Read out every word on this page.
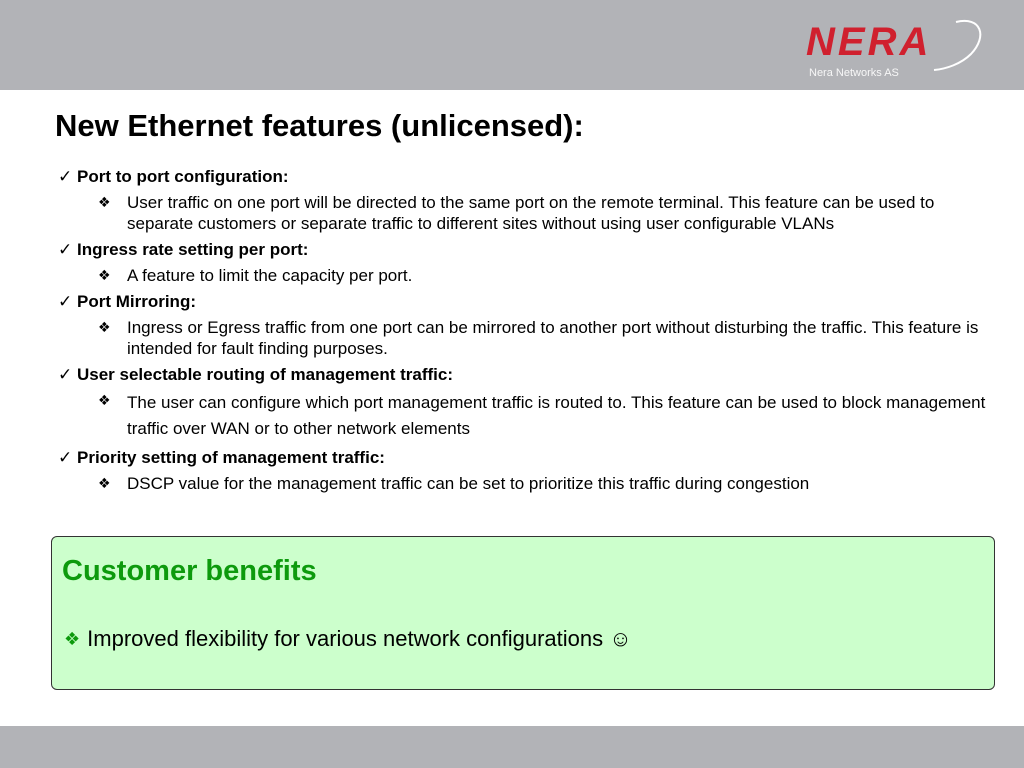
NERA
Nera Networks AS
New Ethernet features (unlicensed):
✓ Port to port configuration:
❖ User traffic on one port will be directed to the same port on the remote terminal. This feature can be used to separate customers or separate traffic to different sites without using user configurable VLANs
✓ Ingress rate setting per port:
❖ A feature to limit the capacity per port.
✓ Port Mirroring:
❖ Ingress or Egress traffic from one port can be mirrored to another port without disturbing the traffic. This feature is intended for fault finding purposes.
✓ User selectable routing of management traffic:
❖ The user can configure which port management traffic is routed to. This feature can be used to block management traffic over WAN or to other network elements
✓ Priority setting of management traffic:
❖ DSCP value for the management traffic can be set to prioritize this traffic during congestion
Customer benefits
❖ Improved flexibility for various network configurations ☺
